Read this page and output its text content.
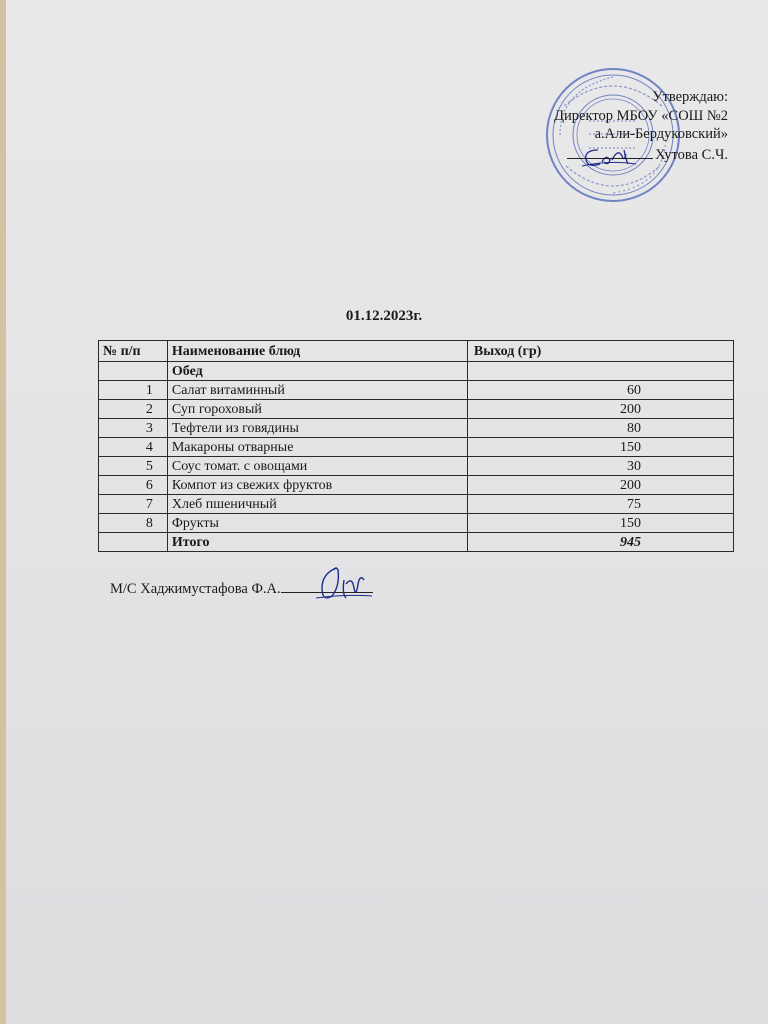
Утверждаю:
Директор МБОУ «СОШ №2
а.Али-Бердуковский»
Хутова С.Ч.
01.12.2023г.
№ п/п	Наименование блюд	Выход (гр)
	Обед	
1	Салат витаминный	60
2	Суп гороховый	200
3	Тефтели из говядины	80
4	Макароны отварные	150
5	Соус томат. с овощами	30
6	Компот из свежих фруктов	200
7	Хлеб пшеничный	75
8	Фрукты	150
	Итого	945
М/С Хаджимустафова Ф.А.
